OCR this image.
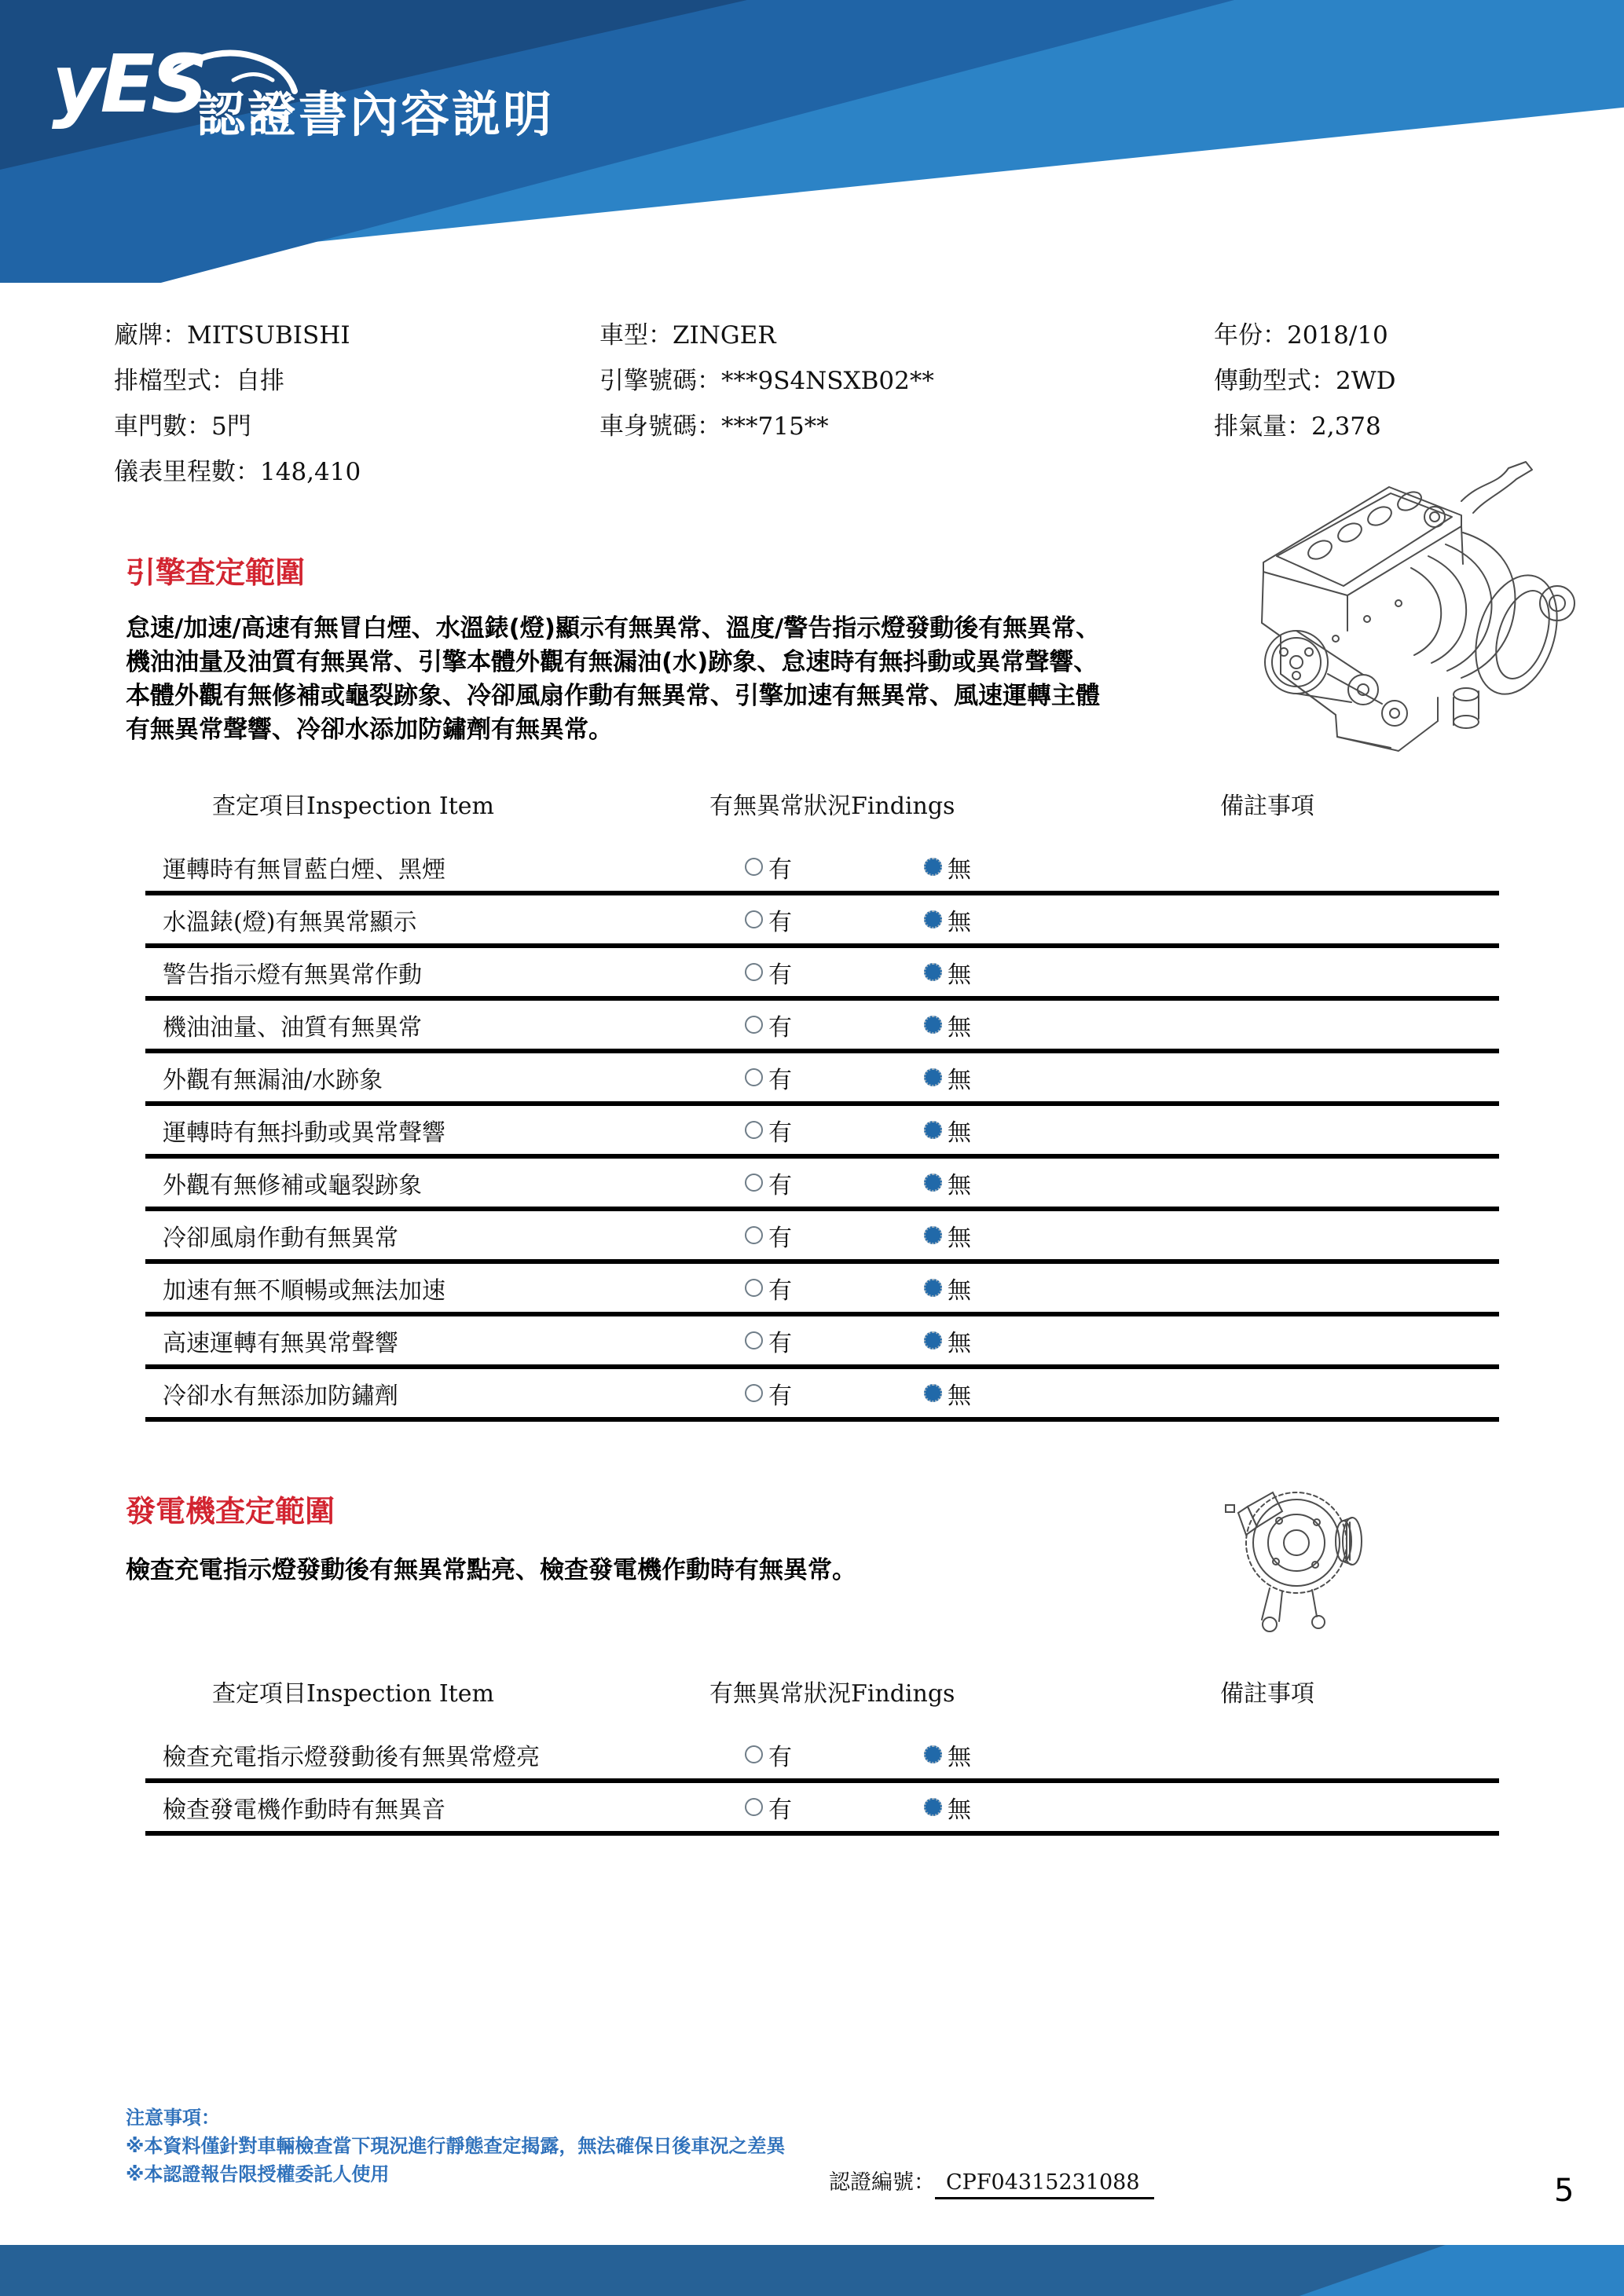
yES
認證書內容説明
廠牌：MITSUBISHI
排檔型式：自排
車門數：5門
儀表里程數：148,410
車型：ZINGER
引擎號碼：***9S4NSXB02**
車身號碼：***715**
年份：2018/10
傳動型式：2WD
排氣量：2,378
引擎查定範圍
怠速/加速/高速有無冒白煙、水溫錶(燈)顯示有無異常、溫度/警告指示燈發動後有無異常、
機油油量及油質有無異常、引擎本體外觀有無漏油(水)跡象、怠速時有無抖動或異常聲響、
本體外觀有無修補或龜裂跡象、冷卻風扇作動有無異常、引擎加速有無異常、風速運轉主體
有無異常聲響、冷卻水添加防鏽劑有無異常。
查定項目Inspection Item	有無異常狀況Findings	備註事項
運轉時有無冒藍白煙、黑煙	有	無
水溫錶(燈)有無異常顯示	有	無
警告指示燈有無異常作動	有	無
機油油量、油質有無異常	有	無
外觀有無漏油/水跡象	有	無
運轉時有無抖動或異常聲響	有	無
外觀有無修補或龜裂跡象	有	無
冷卻風扇作動有無異常	有	無
加速有無不順暢或無法加速	有	無
高速運轉有無異常聲響	有	無
冷卻水有無添加防鏽劑	有	無
發電機查定範圍
檢查充電指示燈發動後有無異常點亮、檢查發電機作動時有無異常。
查定項目Inspection Item	有無異常狀況Findings	備註事項
檢查充電指示燈發動後有無異常燈亮	有	無
檢查發電機作動時有無異音	有	無
注意事項：
※本資料僅針對車輛檢查當下現況進行靜態查定揭露，無法確保日後車況之差異
※本認證報告限授權委託人使用	認證編號： CPF04315231088	5
